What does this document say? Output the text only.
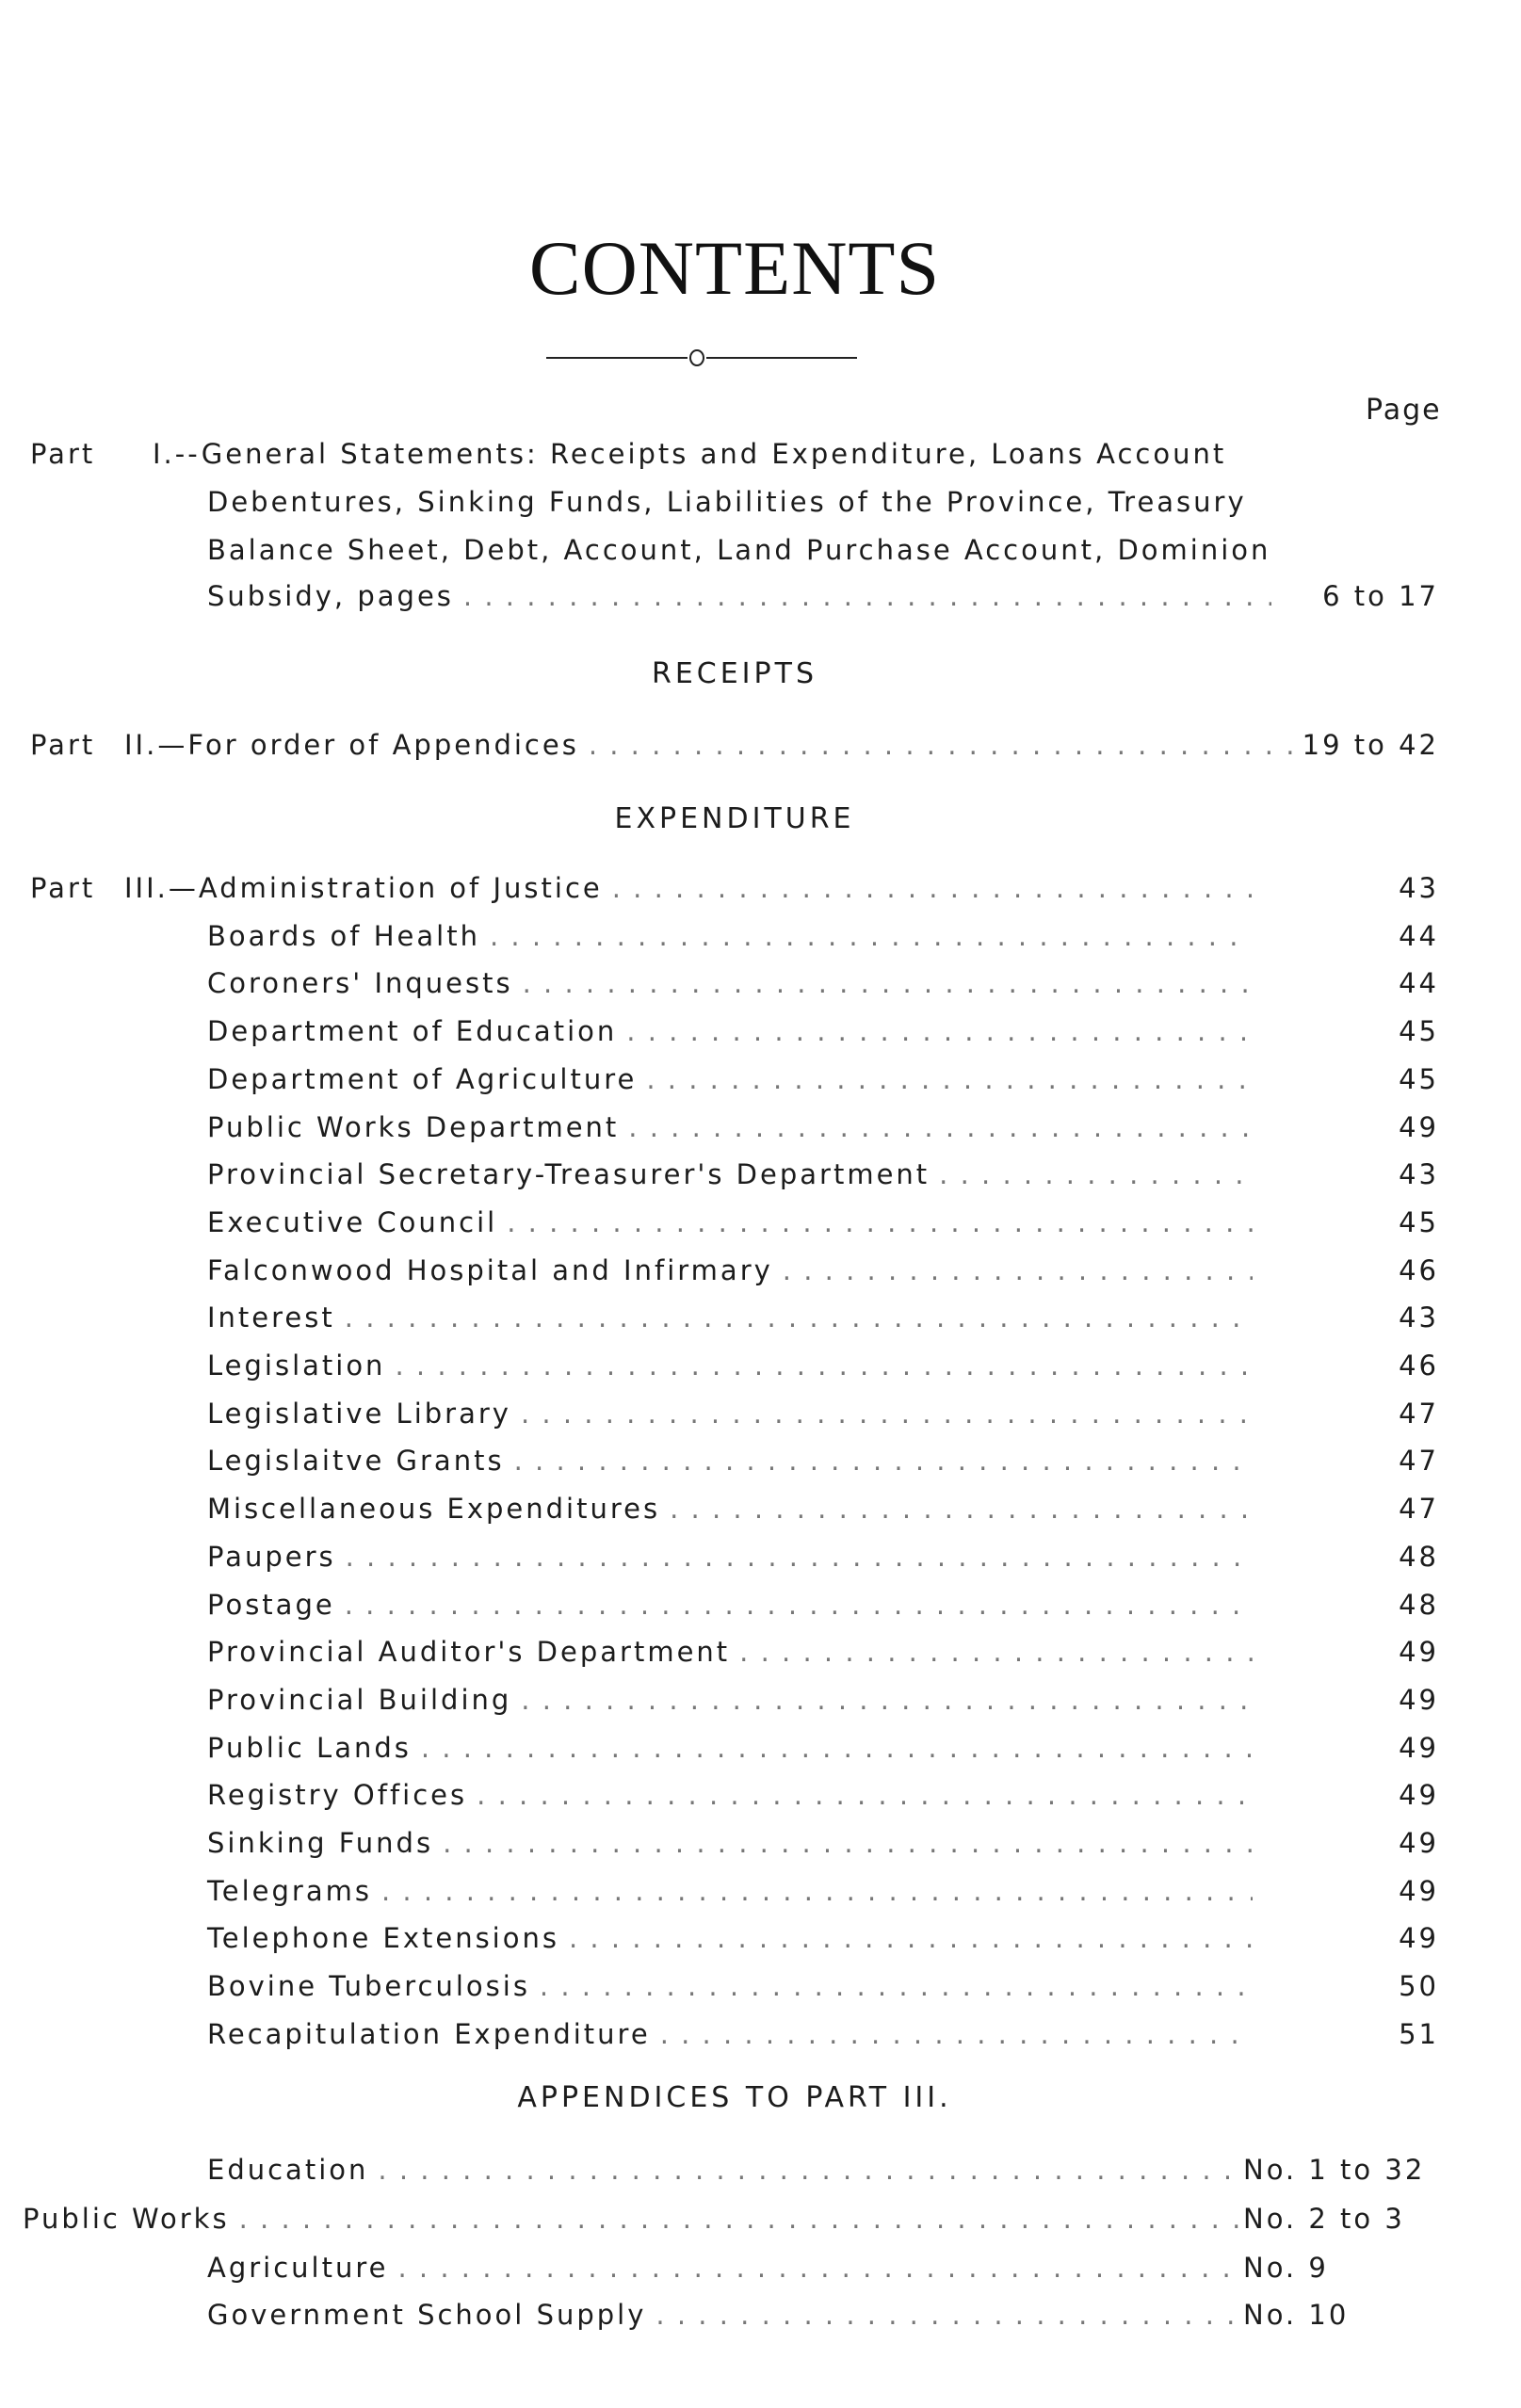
CONTENTS
Page
Part I.--General Statements: Receipts and Expenditure, Loans Account
Debentures, Sinking Funds, Liabilities of the Province, Treasury
Balance Sheet, Debt, Account, Land Purchase Account, Dominion
Subsidy, pages . . .	6 to 17
RECEIPTS
Part II.—For order of Appendices . . .	19 to 42
EXPENDITURE
Part III.—Administration of Justice . . .	43
Boards of Health . . .	44
Coroners' Inquests . . .	44
Department of Education . . .	45
Department of Agriculture . . .	45
Public Works Department . . .	49
Provincial Secretary-Treasurer's Department . . .	43
Executive Council . . .	45
Falconwood Hospital and Infirmary . . .	46
Interest . . .	43
Legislation . . .	46
Legislative Library . . .	47
Legislaitve Grants . . .	47
Miscellaneous Expenditures . . .	47
Paupers . . .	48
Postage . . .	48
Provincial Auditor's Department . . .	49
Provincial Building . . .	49
Public Lands . . .	49
Registry Offices . . .	49
Sinking Funds . . .	49
Telegrams . . .	49
Telephone Extensions . . .	49
Bovine Tuberculosis . . .	50
Recapitulation Expenditure . . .	51
APPENDICES TO PART III.
Education . . .	No. 1 to 32
Public Works . . .	No. 2 to 3
Agriculture . . .	No. 9
Government School Supply . . .	No. 10
